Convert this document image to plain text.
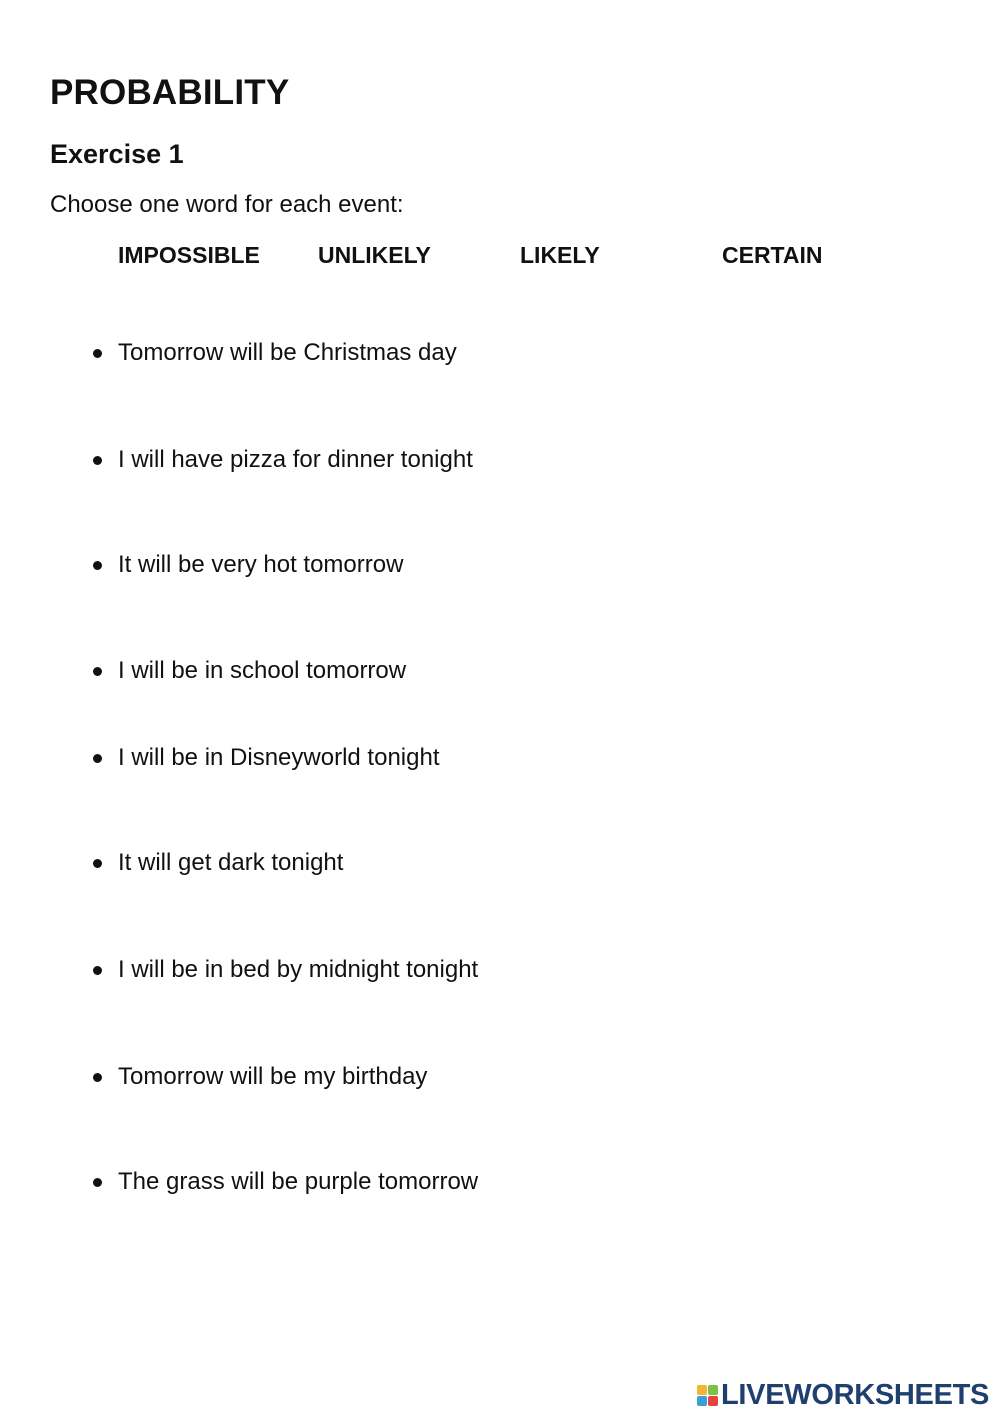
PROBABILITY
Exercise 1

Choose one word for each event:

IMPOSSIBLE	UNLIKELY	LIKELY	CERTAIN

Tomorrow will be Christmas day

I will have pizza for dinner tonight

It will be very hot tomorrow

I will be in school tomorrow

I will be in Disneyworld tonight

It will get dark tonight

I will be in bed by midnight tonight

Tomorrow will be my birthday

The grass will be purple tomorrow

LIVEWORKSHEETS
